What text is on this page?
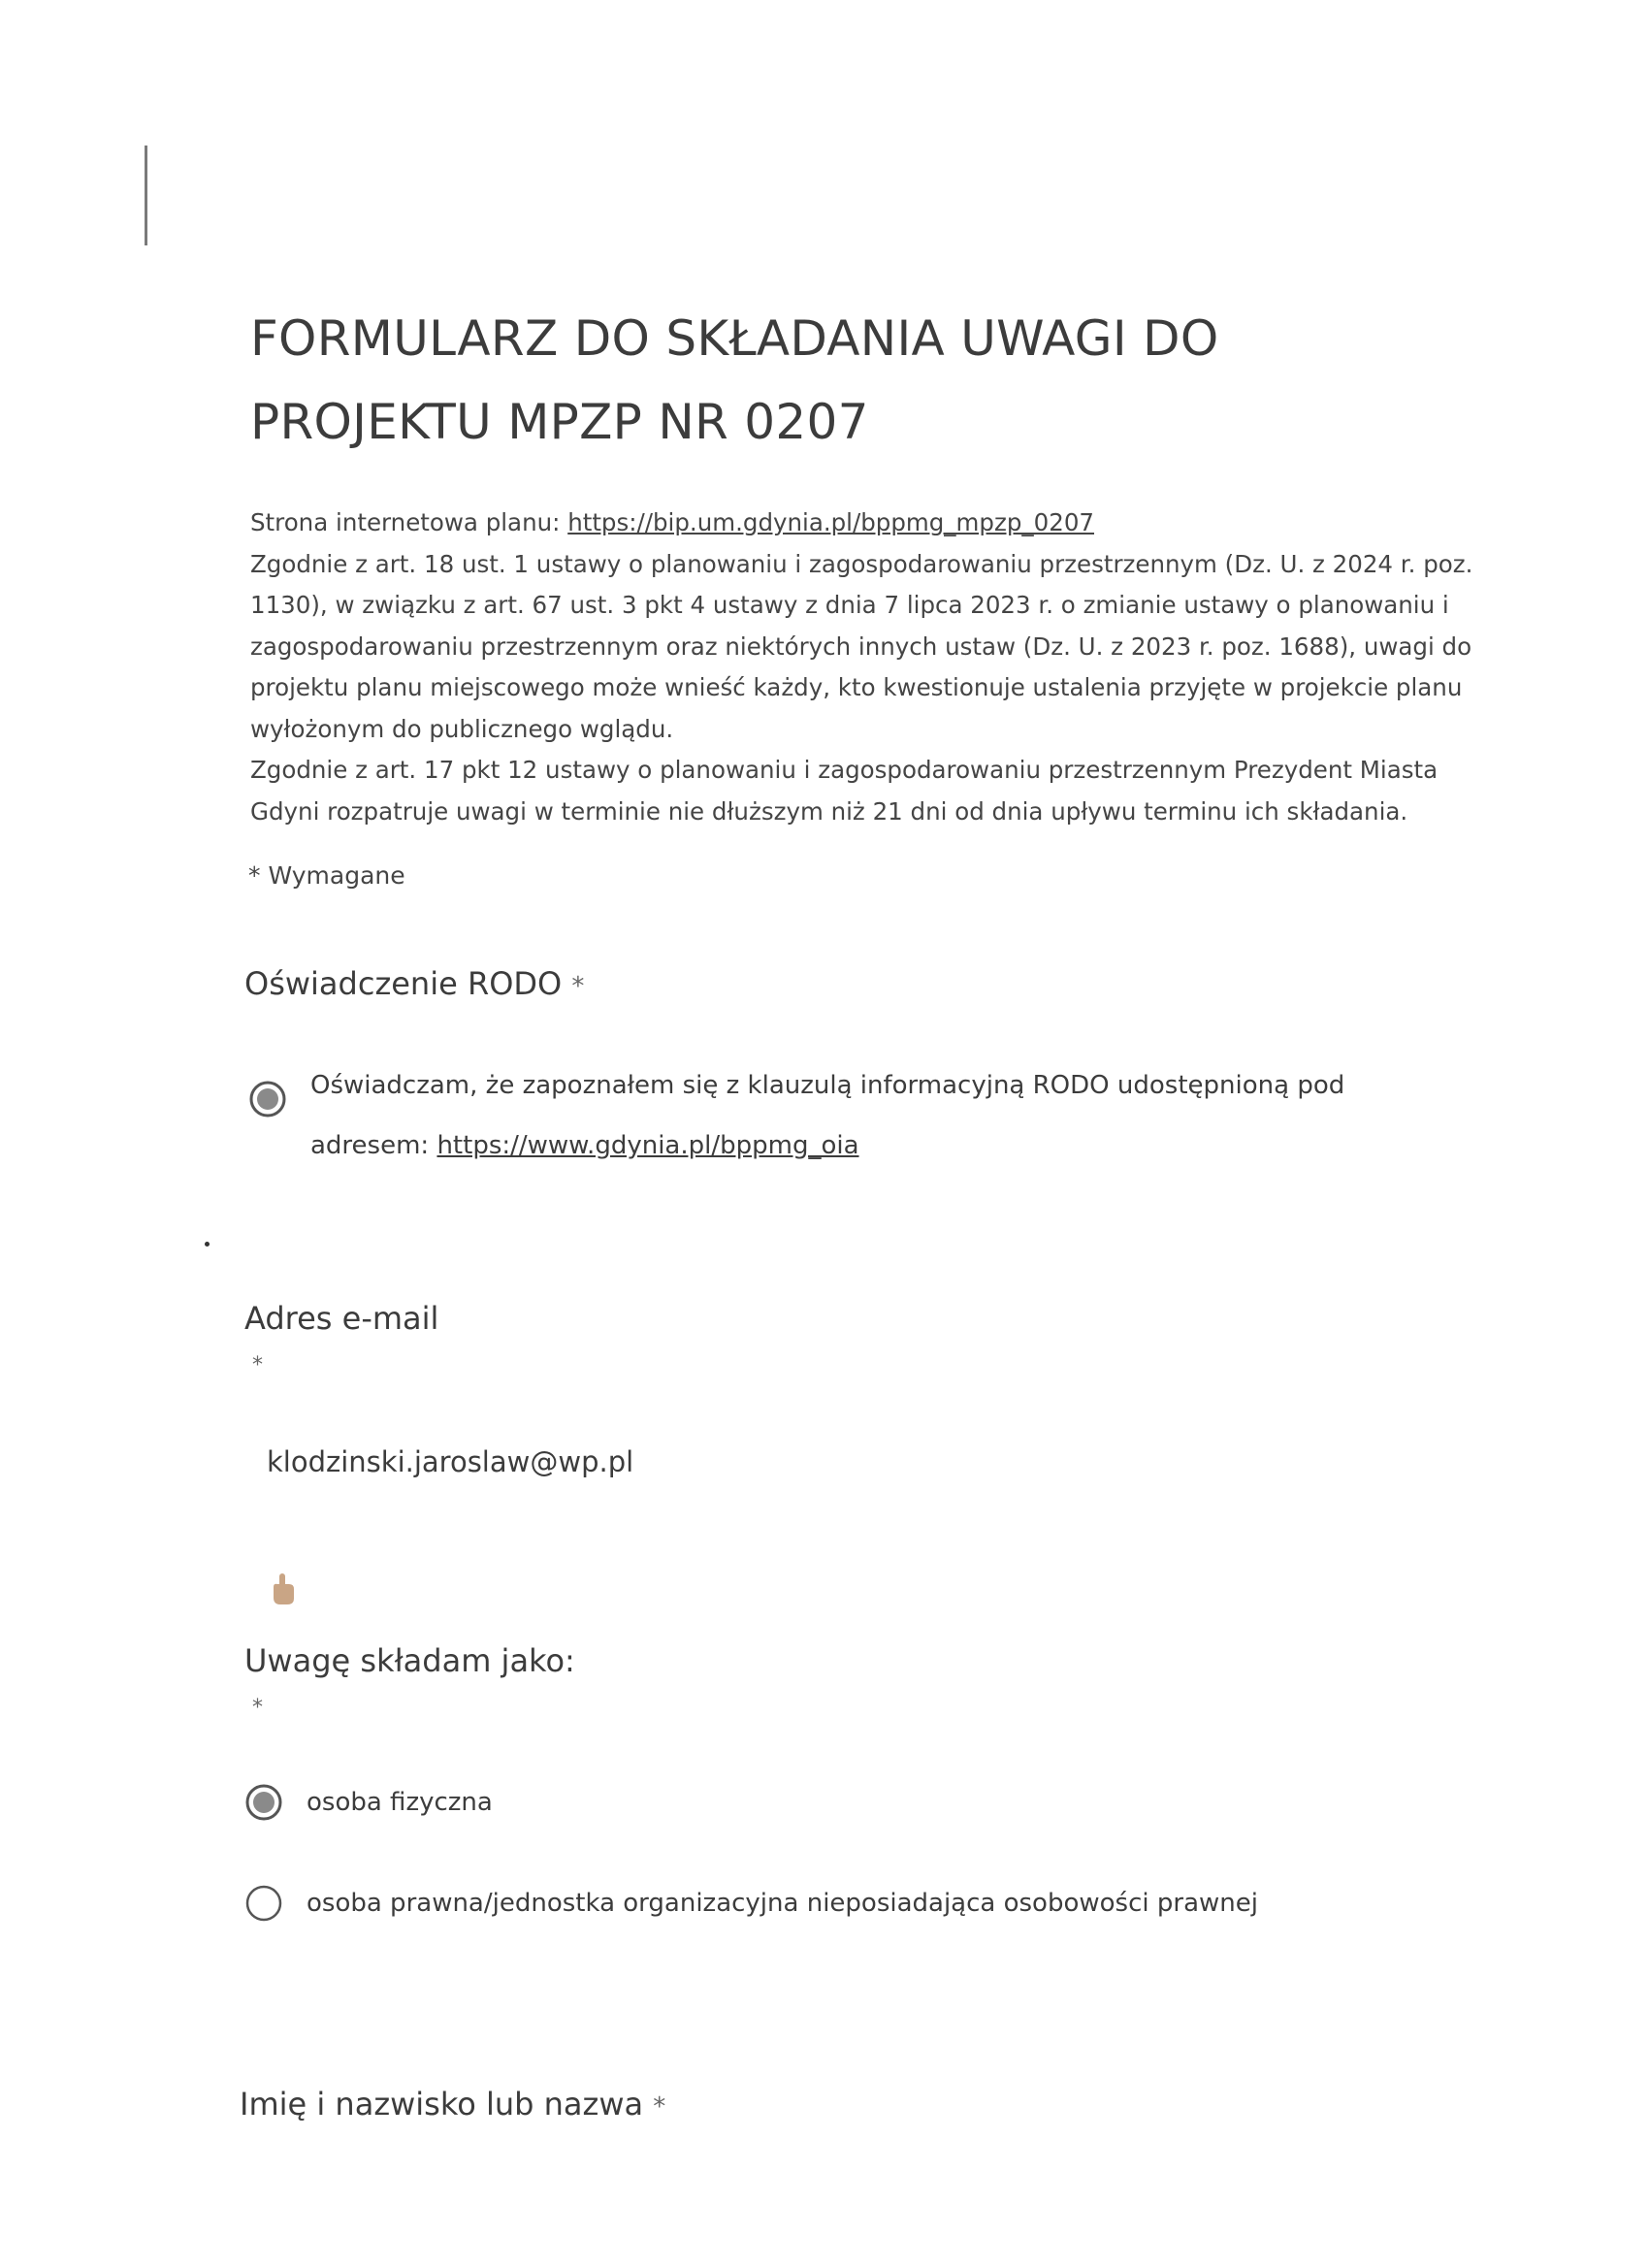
FORMULARZ DO SKŁADANIA UWAGI DO
PROJEKTU MPZP NR 0207

Strona internetowa planu: https://bip.um.gdynia.pl/bppmg_mpzp_0207

Zgodnie z art. 18 ust. 1 ustawy o planowaniu i zagospodarowaniu przestrzennym (Dz. U. z 2024 r. poz. 1130), w związku z art. 67 ust. 3 pkt 4 ustawy z dnia 7 lipca 2023 r. o zmianie ustawy o planowaniu i zagospodarowaniu przestrzennym oraz niektórych innych ustaw (Dz. U. z 2023 r. poz. 1688), uwagi do projektu planu miejscowego może wnieść każdy, kto kwestionuje ustalenia przyjęte w projekcie planu wyłożonym do publicznego wglądu.

Zgodnie z art. 17 pkt 12 ustawy o planowaniu i zagospodarowaniu przestrzennym Prezydent Miasta Gdyni rozpatruje uwagi w terminie nie dłuższym niż 21 dni od dnia upływu terminu ich składania.

* Wymagane
Oświadczenie RODO *
Oświadczam, że zapoznałem się z klauzulą informacyjną RODO udostępnioną pod adresem: https://www.gdynia.pl/bppmg_oia
Adres e-mail
*
klodzinski.jaroslaw@wp.pl
Uwagę składam jako:
*
osoba fizyczna
osoba prawna/jednostka organizacyjna nieposiadająca osobowości prawnej
Imię i nazwisko lub nazwa *
